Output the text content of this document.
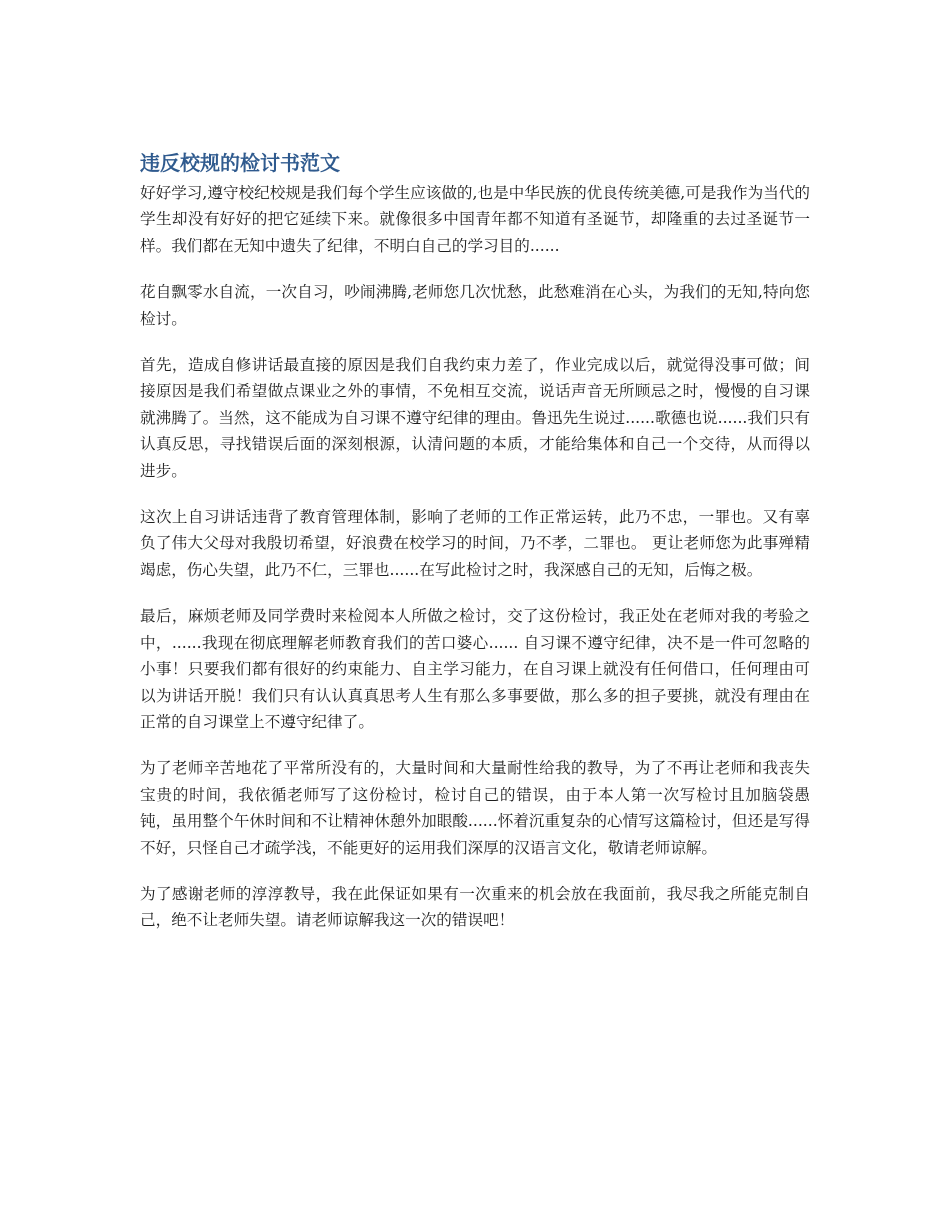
违反校规的检讨书范文

好好学习,遵守校纪校规是我们每个学生应该做的,也是中华民族的优良传统美德,可是我作为当代的学生却没有好好的把它延续下来。就像很多中国青年都不知道有圣诞节，却隆重的去过圣诞节一样。我们都在无知中遗失了纪律，不明白自己的学习目的......

花自飘零水自流，一次自习，吵闹沸腾,老师您几次忧愁，此愁难消在心头，为我们的无知,特向您检讨。

首先，造成自修讲话最直接的原因是我们自我约束力差了，作业完成以后，就觉得没事可做；间接原因是我们希望做点课业之外的事情，不免相互交流，说话声音无所顾忌之时，慢慢的自习课就沸腾了。当然，这不能成为自习课不遵守纪律的理由。鲁迅先生说过......歌德也说......我们只有认真反思，寻找错误后面的深刻根源，认清问题的本质，才能给集体和自己一个交待，从而得以进步。

这次上自习讲话违背了教育管理体制，影响了老师的工作正常运转，此乃不忠，一罪也。又有辜负了伟大父母对我殷切希望，好浪费在校学习的时间，乃不孝，二罪也。 更让老师您为此事殚精竭虑，伤心失望，此乃不仁，三罪也......在写此检讨之时，我深感自己的无知，后悔之极。

最后，麻烦老师及同学费时来检阅本人所做之检讨，交了这份检讨，我正处在老师对我的考验之中，......我现在彻底理解老师教育我们的苦口婆心...... 自习课不遵守纪律，决不是一件可忽略的小事！只要我们都有很好的约束能力、自主学习能力，在自习课上就没有任何借口，任何理由可以为讲话开脱！我们只有认认真真思考人生有那么多事要做，那么多的担子要挑，就没有理由在正常的自习课堂上不遵守纪律了。

为了老师辛苦地花了平常所没有的，大量时间和大量耐性给我的教导，为了不再让老师和我丧失宝贵的时间，我依循老师写了这份检讨，检讨自己的错误，由于本人第一次写检讨且加脑袋愚钝，虽用整个午休时间和不让精神休憩外加眼酸......怀着沉重复杂的心情写这篇检讨，但还是写得不好，只怪自己才疏学浅，不能更好的运用我们深厚的汉语言文化，敬请老师谅解。

为了感谢老师的淳淳教导，我在此保证如果有一次重来的机会放在我面前，我尽我之所能克制自己，绝不让老师失望。请老师谅解我这一次的错误吧！
